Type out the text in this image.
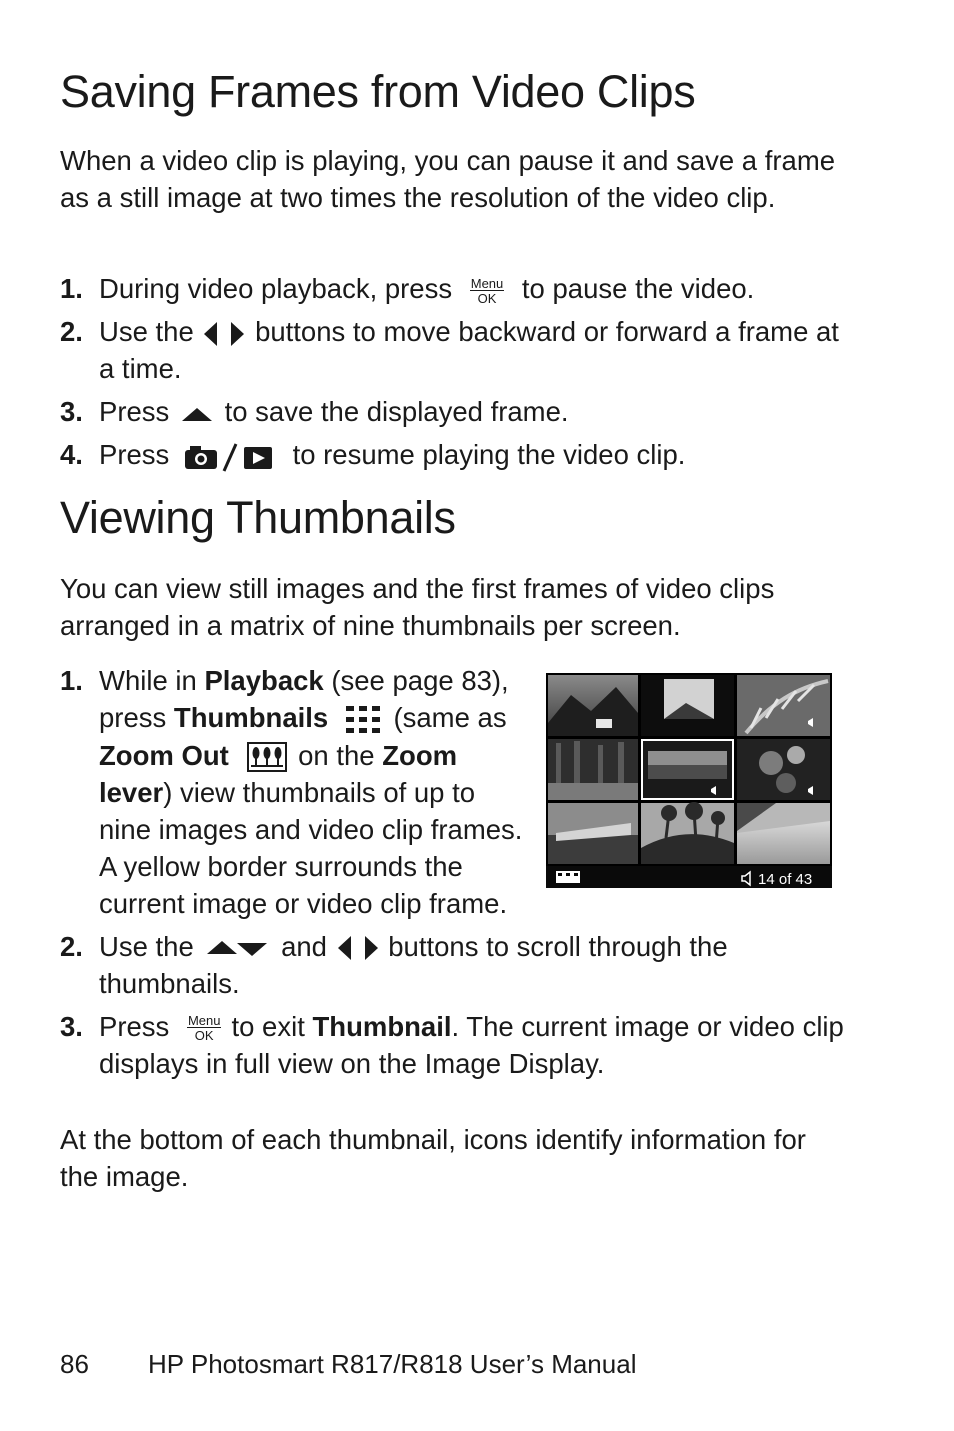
Saving Frames from Video Clips

When a video clip is playing, you can pause it and save a frame as a still image at two times the resolution of the video clip.

1. During video playback, press Menu
OK to pause the video.
2. Use the buttons to move backward or forward a frame at a time.
3. Press to save the displayed frame.
4. Press	to resume playing the video clip.
Viewing Thumbnails

You can view still images and the first frames of video clips arranged in a matrix of nine thumbnails per screen.

1. While in Playback (see page 83), press Thumbnails (same as Zoom Out  on the Zoom lever) view thumbnails of up to nine images and video clip frames. A yellow border surrounds the current image or video clip frame.
2. Use the	and buttons to scroll through the thumbnails.
3. Press Menu
OK to exit Thumbnail. The current image or video clip displays in full view on the Image Display.
14 of 43

At the bottom of each thumbnail, icons identify information for the image.

86 HP Photosmart R817/R818 User’s Manual
